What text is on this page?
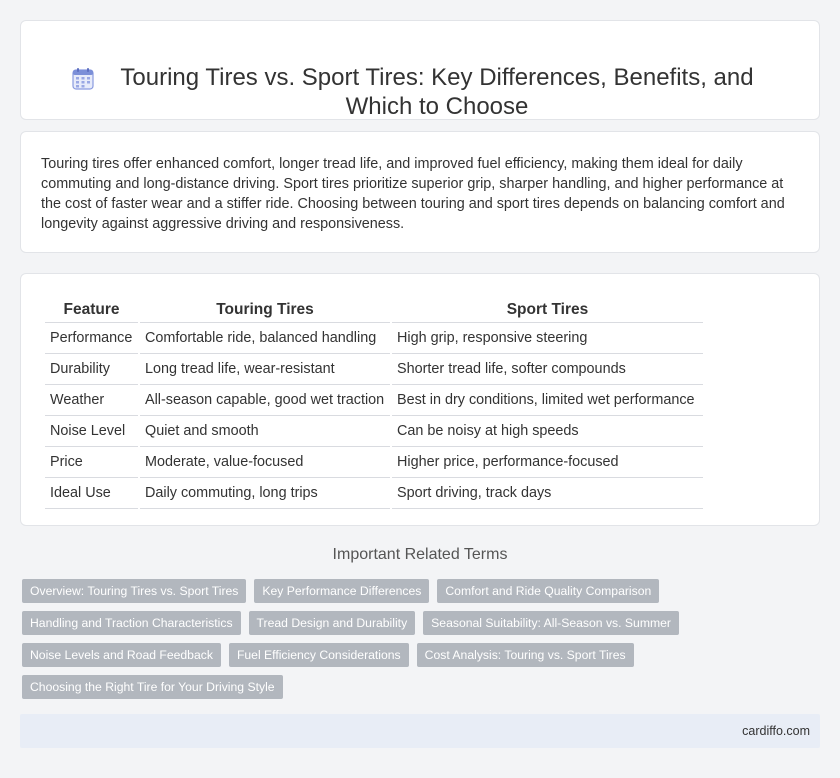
Touring Tires vs. Sport Tires: Key Differences, Benefits, and Which to Choose

Touring tires offer enhanced comfort, longer tread life, and improved fuel efficiency, making them ideal for daily commuting and long-distance driving. Sport tires prioritize superior grip, sharper handling, and higher performance at the cost of faster wear and a stiffer ride. Choosing between touring and sport tires depends on balancing comfort and longevity against aggressive driving and responsiveness.

Feature	Touring Tires	Sport Tires
Performance	Comfortable ride, balanced handling	High grip, responsive steering
Durability	Long tread life, wear-resistant	Shorter tread life, softer compounds
Weather	All-season capable, good wet traction	Best in dry conditions, limited wet performance
Noise Level	Quiet and smooth	Can be noisy at high speeds
Price	Moderate, value-focused	Higher price, performance-focused
Ideal Use	Daily commuting, long trips	Sport driving, track days
Important Related Terms
Overview: Touring Tires vs. Sport Tires	Key Performance Differences	Comfort and Ride Quality Comparison
Handling and Traction Characteristics	Tread Design and Durability	Seasonal Suitability: All-Season vs. Summer
Noise Levels and Road Feedback	Fuel Efficiency Considerations	Cost Analysis: Touring vs. Sport Tires
Choosing the Right Tire for Your Driving Style
cardiffo.com
